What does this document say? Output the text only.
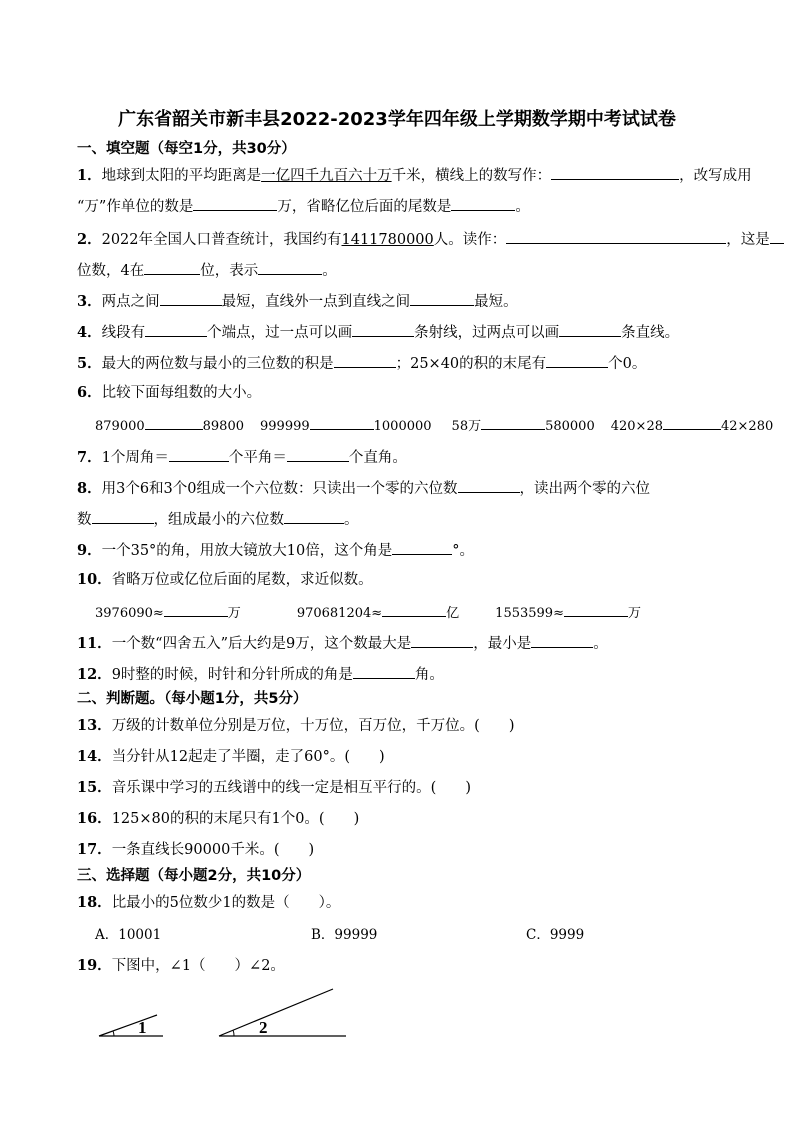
广东省韶关市新丰县2022-2023学年四年级上学期数学期中考试试卷
一、填空题（每空1分，共30分）
1．地球到太阳的平均距离是一亿四千九百六十万千米，横线上的数写作：	，改写成用
“万”作单位的数是	万，省略亿位后面的尾数是	。
2．2022年全国人口普查统计，我国约有1411780000人。读作：	，这是
位数，4在	位，表示	。
3．两点之间	最短，直线外一点到直线之间	最短。
4．线段有	个端点，过一点可以画	条射线，过两点可以画	条直线。
5．最大的两位数与最小的三位数的积是	；25×40的积的末尾有	个0。
6．比较下面每组数的大小。
879000	89800 999999	1000000 58万	580000 420×28	42×280
7．1个周角＝	个平角＝	个直角。
8．用3个6和3个0组成一个六位数：只读出一个零的六位数	，读出两个零的六位
数	，组成最小的六位数	。
9．一个35°的角，用放大镜放大10倍，这个角是	°。
10．省略万位或亿位后面的尾数，求近似数。
3976090≈	万	970681204≈	亿	1553599≈	万
11．一个数“四舍五入”后大约是9万，这个数最大是	，最小是	。
12．9时整的时候，时针和分针所成的角是	角。
二、判断题。（每小题1分，共5分）
13．万级的计数单位分别是万位，十万位，百万位，千万位。(　　)
14．当分针从12起走了半圈，走了60°。(　　)
15．音乐课中学习的五线谱中的线一定是相互平行的。(　　)
16．125×80的积的末尾只有1个0。(　　)
17．一条直线长90000千米。(　　)
三、选择题（每小题2分，共10分）
18．比最小的5位数少1的数是（　　）。
A．10001	B．99999	C．9999
19．下图中，∠1（　　）∠2。
1	2
